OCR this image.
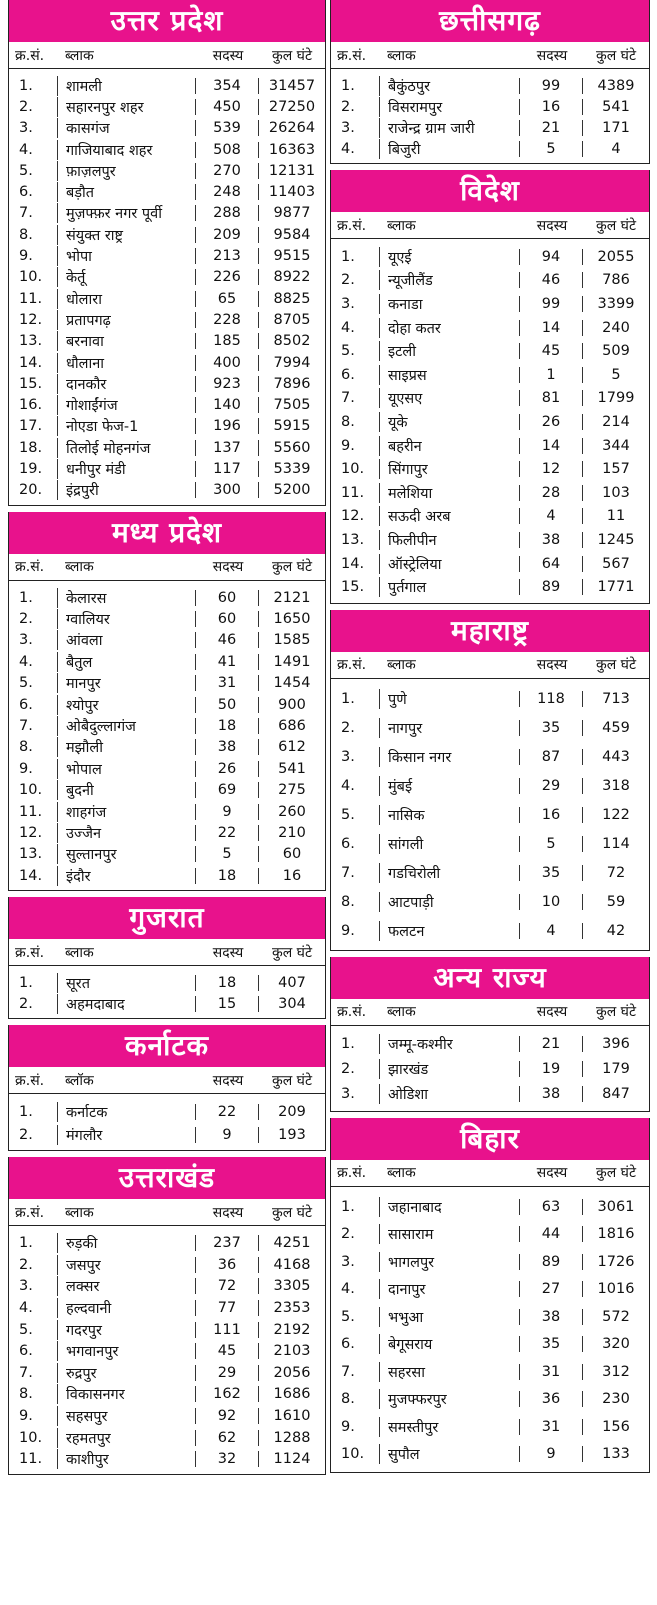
उत्तर प्रदेश
क्र.सं.	ब्लाक	सदस्य	कुल घंटे
1.	शामली	354	31457
2.	सहारनपुर शहर	450	27250
3.	कासगंज	539	26264
4.	गाजियाबाद शहर	508	16363
5.	फ़ाज़लपुर	270	12131
6.	बड़ौत	248	11403
7.	मुज़फ्फ़र नगर पूर्वी	288	9877
8.	संयुक्त राष्ट्र	209	9584
9.	भोपा	213	9515
10.	केर्तू	226	8922
11.	धोलारा	65	8825
12.	प्रतापगढ़	228	8705
13.	बरनावा	185	8502
14.	धौलाना	400	7994
15.	दानकौर	923	7896
16.	गोशाईंगंज	140	7505
17.	नोएडा फेज-1	196	5915
18.	तिलोई मोहनगंज	137	5560
19.	धनीपुर मंडी	117	5339
20.	इंद्रपुरी	300	5200
मध्य प्रदेश
क्र.सं.	ब्लाक	सदस्य	कुल घंटे
1.	केलारस	60	2121
2.	ग्वालियर	60	1650
3.	आंवला	46	1585
4.	बैतुल	41	1491
5.	मानपुर	31	1454
6.	श्योपुर	50	900
7.	ओबैदुल्लागंज	18	686
8.	मझौली	38	612
9.	भोपाल	26	541
10.	बुदनी	69	275
11.	शाहगंज	9	260
12.	उज्जैन	22	210
13.	सुल्तानपुर	5	60
14.	इंदौर	18	16
गुजरात
क्र.सं.	ब्लाक	सदस्य	कुल घंटे
1.	सूरत	18	407
2.	अहमदाबाद	15	304
कर्नाटक
क्र.सं.	ब्लॉक	सदस्य	कुल घंटे
1.	कर्नाटक	22	209
2.	मंगलौर	9	193
उत्तराखंड
क्र.सं.	ब्लाक	सदस्य	कुल घंटे
1.	रुड़की	237	4251
2.	जसपुर	36	4168
3.	लक्सर	72	3305
4.	हल्दवानी	77	2353
5.	गदरपुर	111	2192
6.	भगवानपुर	45	2103
7.	रुद्रपुर	29	2056
8.	विकासनगर	162	1686
9.	सहसपुर	92	1610
10.	रहमतपुर	62	1288
11.	काशीपुर	32	1124
छत्तीसगढ़
क्र.सं.	ब्लाक	सदस्य	कुल घंटे
1.	बैकुंठपुर	99	4389
2.	विसरामपुर	16	541
3.	राजेन्द्र ग्राम जारी	21	171
4.	बिजुरी	5	4
विदेश
क्र.सं.	ब्लाक	सदस्य	कुल घंटे
1.	यूएई	94	2055
2.	न्यूजीलैंड	46	786
3.	कनाडा	99	3399
4.	दोहा कतर	14	240
5.	इटली	45	509
6.	साइप्रस	1	5
7.	यूएसए	81	1799
8.	यूके	26	214
9.	बहरीन	14	344
10.	सिंगापुर	12	157
11.	मलेशिया	28	103
12.	सऊदी अरब	4	11
13.	फिलीपीन	38	1245
14.	ऑस्ट्रेलिया	64	567
15.	पुर्तगाल	89	1771
महाराष्ट्र
क्र.सं.	ब्लाक	सदस्य	कुल घंटे
1.	पुणे	118	713
2.	नागपुर	35	459
3.	किसान नगर	87	443
4.	मुंबई	29	318
5.	नासिक	16	122
6.	सांगली	5	114
7.	गडचिरोली	35	72
8.	आटपाड़ी	10	59
9.	फलटन	4	42
अन्य राज्य
क्र.सं.	ब्लाक	सदस्य	कुल घंटे
1.	जम्मू-कश्मीर	21	396
2.	झारखंड	19	179
3.	ओडिशा	38	847
बिहार
क्र.सं.	ब्लाक	सदस्य	कुल घंटे
1.	जहानाबाद	63	3061
2.	सासाराम	44	1816
3.	भागलपुर	89	1726
4.	दानापुर	27	1016
5.	भभुआ	38	572
6.	बेगूसराय	35	320
7.	सहरसा	31	312
8.	मुजफ्फरपुर	36	230
9.	समस्तीपुर	31	156
10.	सुपौल	9	133
